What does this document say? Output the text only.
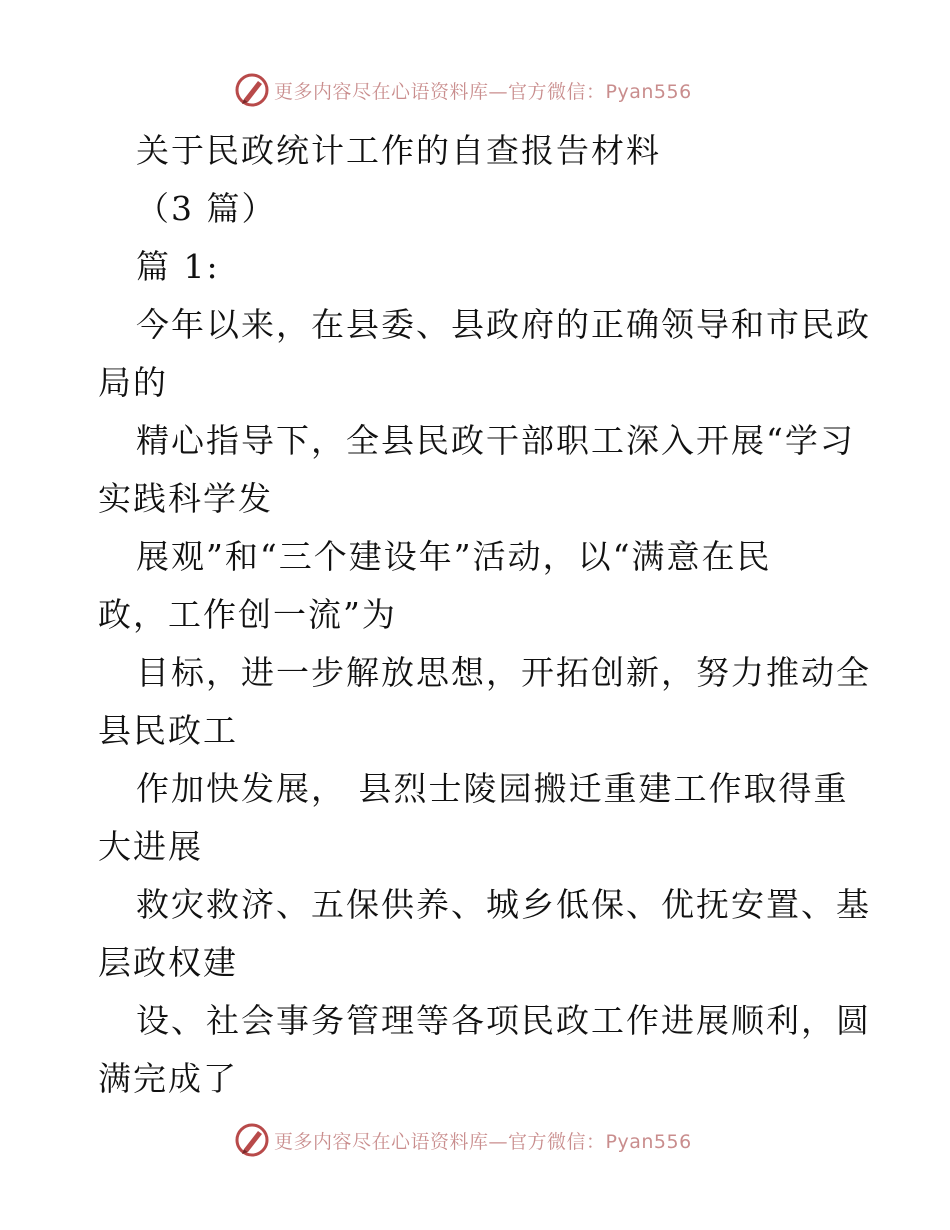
更多内容尽在心语资料库—官方微信：Pyan556
关于民政统计工作的自查报告材料
（3 篇）
篇 1:
今年以来，在县委、县政府的正确领导和市民政
局的
精心指导下，全县民政干部职工深入开展“学习
实践科学发
展观”和“三个建设年”活动，以“满意在民
政，工作创一流”为
目标，进一步解放思想，开拓创新，努力推动全
县民政工
作加快发展， 县烈士陵园搬迁重建工作取得重
大进展
救灾救济、五保供养、城乡低保、优抚安置、基
层政权建
设、社会事务管理等各项民政工作进展顺利，圆
满完成了
更多内容尽在心语资料库—官方微信：Pyan556
